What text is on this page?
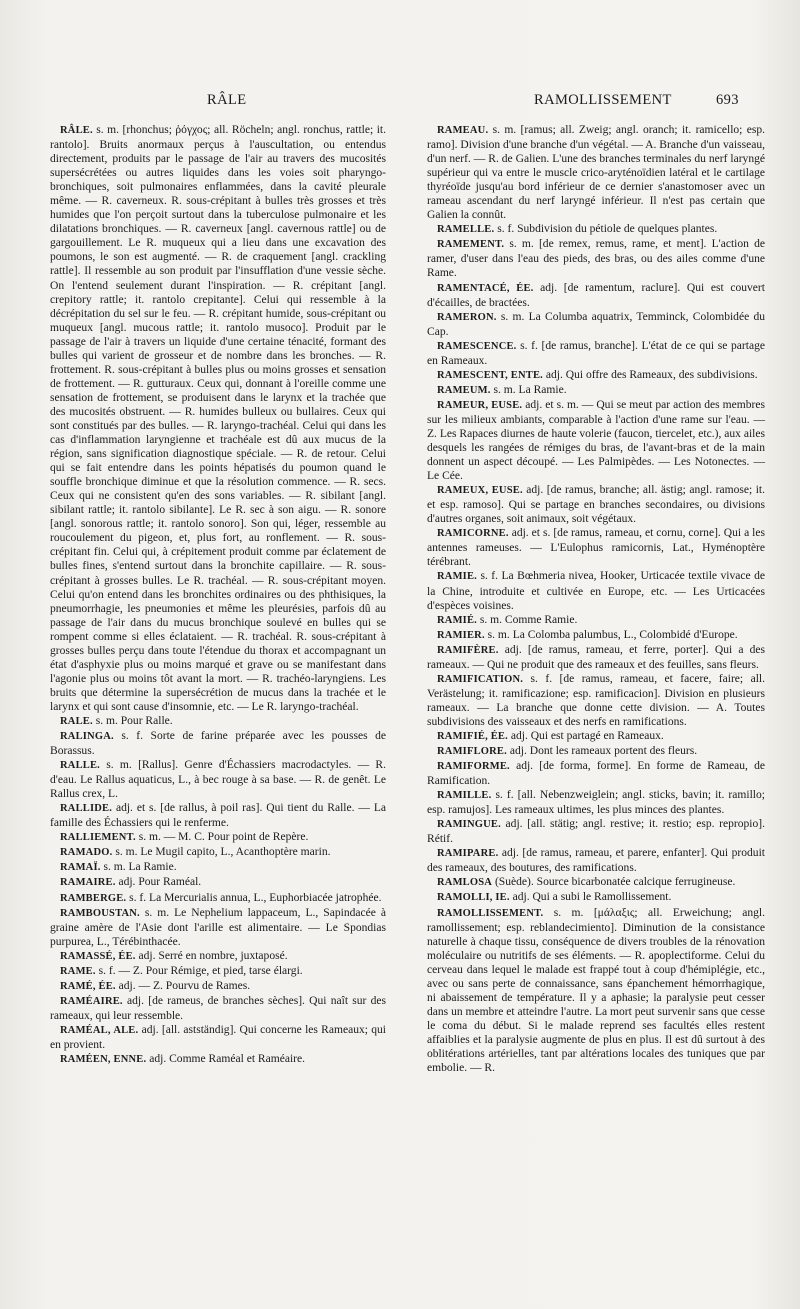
RÂLE	RAMOLLISSEMENT	693

RÂLE. s. m. [rhonchus; ῥόγχος; all. Röcheln; angl. ronchus, rattle; it. rantolo]. Bruits anormaux perçus à l'auscultation, ou entendus directement, produits par le passage de l'air au travers des mucosités supersécrétées ou autres liquides dans les voies soit pharyngo-bronchiques, soit pulmonaires enflammées, dans la cavité pleurale même. — R. caverneux. R. sous-crépitant à bulles très grosses et très humides que l'on perçoit surtout dans la tuberculose pulmonaire et les dilatations bronchiques. — R. caverneux [angl. cavernous rattle] ou de gargouillement. Le R. muqueux qui a lieu dans une excavation des poumons, le son est augmenté. — R. de craquement [angl. crackling rattle]. Il ressemble au son produit par l'insufflation d'une vessie sèche. On l'entend seulement durant l'inspiration. — R. crépitant [angl. crepitory rattle; it. rantolo crepitante]. Celui qui ressemble à la décrépitation du sel sur le feu. — R. crépitant humide, sous-crépitant ou muqueux [angl. mucous rattle; it. rantolo musoco]. Produit par le passage de l'air à travers un liquide d'une certaine ténacité, formant des bulles qui varient de grosseur et de nombre dans les bronches. — R. frottement. R. sous-crépitant à bulles plus ou moins grosses et sensation de frottement. — R. gutturaux. Ceux qui, donnant à l'oreille comme une sensation de frottement, se produisent dans le larynx et la trachée que des mucosités obstruent. — R. humides bulleux ou bullaires. Ceux qui sont constitués par des bulles. — R. laryngo-trachéal. Celui qui dans les cas d'inflammation laryngienne et trachéale est dû aux mucus de la région, sans signification diagnostique spéciale. — R. de retour. Celui qui se fait entendre dans les points hépatisés du poumon quand le souffle bronchique diminue et que la résolution commence. — R. secs. Ceux qui ne consistent qu'en des sons variables. — R. sibilant [angl. sibilant rattle; it. rantolo sibilante]. Le R. sec à son aigu. — R. sonore [angl. sonorous rattle; it. rantolo sonoro]. Son qui, léger, ressemble au roucoulement du pigeon, et, plus fort, au ronflement. — R. sous-crépitant fin. Celui qui, à crépitement produit comme par éclatement de bulles fines, s'entend surtout dans la bronchite capillaire. — R. sous-crépitant à grosses bulles. Le R. trachéal. — R. sous-crépitant moyen. Celui qu'on entend dans les bronchites ordinaires ou des phthisiques, la pneumorrhagie, les pneumonies et même les pleurésies, parfois dû au passage de l'air dans du mucus bronchique soulevé en bulles qui se rompent comme si elles éclataient. — R. trachéal. R. sous-crépitant à grosses bulles perçu dans toute l'étendue du thorax et accompagnant un état d'asphyxie plus ou moins marqué et grave ou se manifestant dans l'agonie plus ou moins tôt avant la mort. — R. trachéo-laryngiens. Les bruits que détermine la supersécrétion de mucus dans la trachée et le larynx et qui sont cause d'insomnie, etc. — Le R. laryngo-trachéal.

RALE. s. m. Pour Ralle.

RALINGA. s. f. Sorte de farine préparée avec les pousses de Borassus.

RALLE. s. m. [Rallus]. Genre d'Échassiers macrodactyles. — R. d'eau. Le Rallus aquaticus, L., à bec rouge à sa base. — R. de genêt. Le Rallus crex, L.

RALLIDE. adj. et s. [de rallus, à poil ras]. Qui tient du Ralle. — La famille des Échassiers qui le renferme.

RALLIEMENT. s. m. — M. C. Pour point de Repère.

RAMADO. s. m. Le Mugil capito, L., Acanthoptère marin.

RAMAÏ. s. m. La Ramie.

RAMAIRE. adj. Pour Raméal.

RAMBERGE. s. f. La Mercurialis annua, L., Euphorbiacée jatrophée.

RAMBOUSTAN. s. m. Le Nephelium lappaceum, L., Sapindacée à graine amère de l'Asie dont l'arille est alimentaire. — Le Spondias purpurea, L., Térébinthacée.

RAMASSÉ, ÉE. adj. Serré en nombre, juxtaposé.

RAME. s. f. — Z. Pour Rémige, et pied, tarse élargi.

RAMÉ, ÉE. adj. — Z. Pourvu de Rames.

RAMÉAIRE. adj. [de rameus, de branches sèches]. Qui naît sur des rameaux, qui leur ressemble.

RAMÉAL, ALE. adj. [all. astständig]. Qui concerne les Rameaux; qui en provient.

RAMÉEN, ENNE. adj. Comme Raméal et Raméaire.

RAMEAU. s. m. [ramus; all. Zweig; angl. oranch; it. ramicello; esp. ramo]. Division d'une branche d'un végétal. — A. Branche d'un vaisseau, d'un nerf. — R. de Galien. L'une des branches terminales du nerf laryngé supérieur qui va entre le muscle crico-aryténoïdien latéral et le cartilage thyréoïde jusqu'au bord inférieur de ce dernier s'anastomoser avec un rameau ascendant du nerf laryngé inférieur. Il n'est pas certain que Galien la connût.

RAMELLE. s. f. Subdivision du pétiole de quelques plantes.

RAMEMENT. s. m. [de remex, remus, rame, et ment]. L'action de ramer, d'user dans l'eau des pieds, des bras, ou des ailes comme d'une Rame.

RAMENTACÉ, ÉE. adj. [de ramentum, raclure]. Qui est couvert d'écailles, de bractées.

RAMERON. s. m. La Columba aquatrix, Temminck, Colombidée du Cap.

RAMESCENCE. s. f. [de ramus, branche]. L'état de ce qui se partage en Rameaux.

RAMESCENT, ENTE. adj. Qui offre des Rameaux, des subdivisions.

RAMEUM. s. m. La Ramie.

RAMEUR, EUSE. adj. et s. m. — Qui se meut par action des membres sur les milieux ambiants, comparable à l'action d'une rame sur l'eau. — Z. Les Rapaces diurnes de haute volerie (faucon, tiercelet, etc.), aux ailes desquels les rangées de rémiges du bras, de l'avant-bras et de la main donnent un aspect découpé. — Les Palmipèdes. — Les Notonectes. — Le Cée.

RAMEUX, EUSE. adj. [de ramus, branche; all. ästig; angl. ramose; it. et esp. ramoso]. Qui se partage en branches secondaires, ou divisions d'autres organes, soit animaux, soit végétaux.

RAMICORNE. adj. et s. [de ramus, rameau, et cornu, corne]. Qui a les antennes rameuses. — L'Eulophus ramicornis, Lat., Hyménoptère térébrant.

RAMIE. s. f. La Bœhmeria nivea, Hooker, Urticacée textile vivace de la Chine, introduite et cultivée en Europe, etc. — Les Urticacées d'espèces voisines.

RAMIÉ. s. m. Comme Ramie.

RAMIER. s. m. La Colomba palumbus, L., Colombidé d'Europe.

RAMIFÈRE. adj. [de ramus, rameau, et ferre, porter]. Qui a des rameaux. — Qui ne produit que des rameaux et des feuilles, sans fleurs.

RAMIFICATION. s. f. [de ramus, rameau, et facere, faire; all. Verästelung; it. ramificazione; esp. ramificacion]. Division en plusieurs rameaux. — La branche que donne cette division. — A. Toutes subdivisions des vaisseaux et des nerfs en ramifications.

RAMIFIÉ, ÉE. adj. Qui est partagé en Rameaux.

RAMIFLORE. adj. Dont les rameaux portent des fleurs.

RAMIFORME. adj. [de forma, forme]. En forme de Rameau, de Ramification.

RAMILLE. s. f. [all. Nebenzweiglein; angl. sticks, bavin; it. ramillo; esp. ramujos]. Les rameaux ultimes, les plus minces des plantes.

RAMINGUE. adj. [all. stätig; angl. restive; it. restio; esp. repropio]. Rétif.

RAMIPARE. adj. [de ramus, rameau, et parere, enfanter]. Qui produit des rameaux, des boutures, des ramifications.

RAMLOSA (Suède). Source bicarbonatée calcique ferrugineuse.

RAMOLLI, IE. adj. Qui a subi le Ramollissement.

RAMOLLISSEMENT. s. m. [μάλαξις; all. Erweichung; angl. ramollissement; esp. reblandecimiento]. Diminution de la consistance naturelle à chaque tissu, conséquence de divers troubles de la rénovation moléculaire ou nutritifs de ses éléments. — R. apoplectiforme. Celui du cerveau dans lequel le malade est frappé tout à coup d'hémiplégie, etc., avec ou sans perte de connaissance, sans épanchement hémorrhagique, ni abaissement de température. Il y a aphasie; la paralysie peut cesser dans un membre et atteindre l'autre. La mort peut survenir sans que cesse le coma du début. Si le malade reprend ses facultés elles restent affaiblies et la paralysie augmente de plus en plus. Il est dû surtout à des oblitérations artérielles, tant par altérations locales des tuniques que par embolie. — R.
